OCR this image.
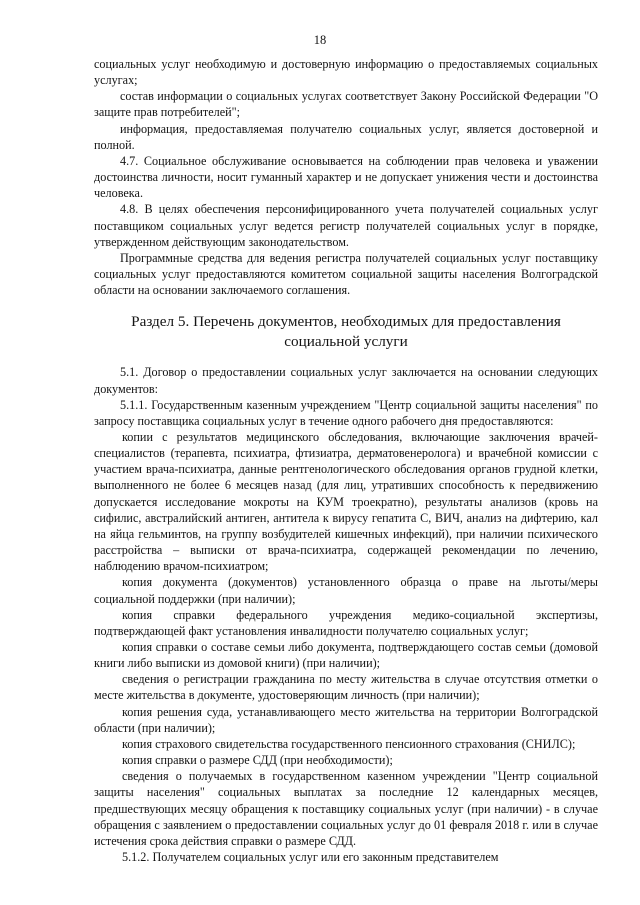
18

социальных услуг необходимую и достоверную информацию о предоставляемых социальных услугах;

состав информации о социальных услугах соответствует Закону Российской Федерации "О защите прав потребителей";

информация, предоставляемая получателю социальных услуг, является достоверной и полной.

4.7. Социальное обслуживание основывается на соблюдении прав человека и уважении достоинства личности, носит гуманный характер и не допускает унижения чести и достоинства человека.

4.8. В целях обеспечения персонифицированного учета получателей социальных услуг поставщиком социальных услуг ведется регистр получателей социальных услуг в порядке, утвержденном действующим законодательством.

Программные средства для ведения регистра получателей социальных услуг поставщику социальных услуг предоставляются комитетом социальной защиты населения Волгоградской области на основании заключаемого соглашения.

Раздел 5. Перечень документов, необходимых для предоставления социальной услуги

5.1. Договор о предоставлении социальных услуг заключается на основании следующих документов:

5.1.1. Государственным казенным учреждением "Центр социальной защиты населения" по запросу поставщика социальных услуг в течение одного рабочего дня предоставляются:

копии с результатов медицинского обследования, включающие заключения врачей-специалистов (терапевта, психиатра, фтизиатра, дерматовенеролога) и врачебной комиссии с участием врача-психиатра, данные рентгенологического обследования органов грудной клетки, выполненного не более 6 месяцев назад (для лиц, утративших способность к передвижению допускается исследование мокроты на КУМ троекратно), результаты анализов (кровь на сифилис, австралийский антиген, антитела к вирусу гепатита С, ВИЧ, анализ на дифтерию, кал на яйца гельминтов, на группу возбудителей кишечных инфекций), при наличии психического расстройства – выписки от врача-психиатра, содержащей рекомендации по лечению, наблюдению врачом-психиатром;

копия документа (документов) установленного образца о праве на льготы/меры социальной поддержки (при наличии);

копия справки федерального учреждения медико-социальной экспертизы, подтверждающей факт установления инвалидности получателю социальных услуг;

копия справки о составе семьи либо документа, подтверждающего состав семьи (домовой книги либо выписки из домовой книги) (при наличии);

сведения о регистрации гражданина по месту жительства в случае отсутствия отметки о месте жительства в документе, удостоверяющим личность (при наличии);

копия решения суда, устанавливающего место жительства на территории Волгоградской области (при наличии);

копия страхового свидетельства государственного пенсионного страхования (СНИЛС);

копия справки о размере СДД (при необходимости);

сведения о получаемых в государственном казенном учреждении "Центр социальной защиты населения" социальных выплатах за последние 12 календарных месяцев, предшествующих месяцу обращения к поставщику социальных услуг (при наличии) - в случае обращения с заявлением о предоставлении социальных услуг до 01 февраля 2018 г. или в случае истечения срока действия справки о размере СДД.

5.1.2. Получателем социальных услуг или его законным представителем
